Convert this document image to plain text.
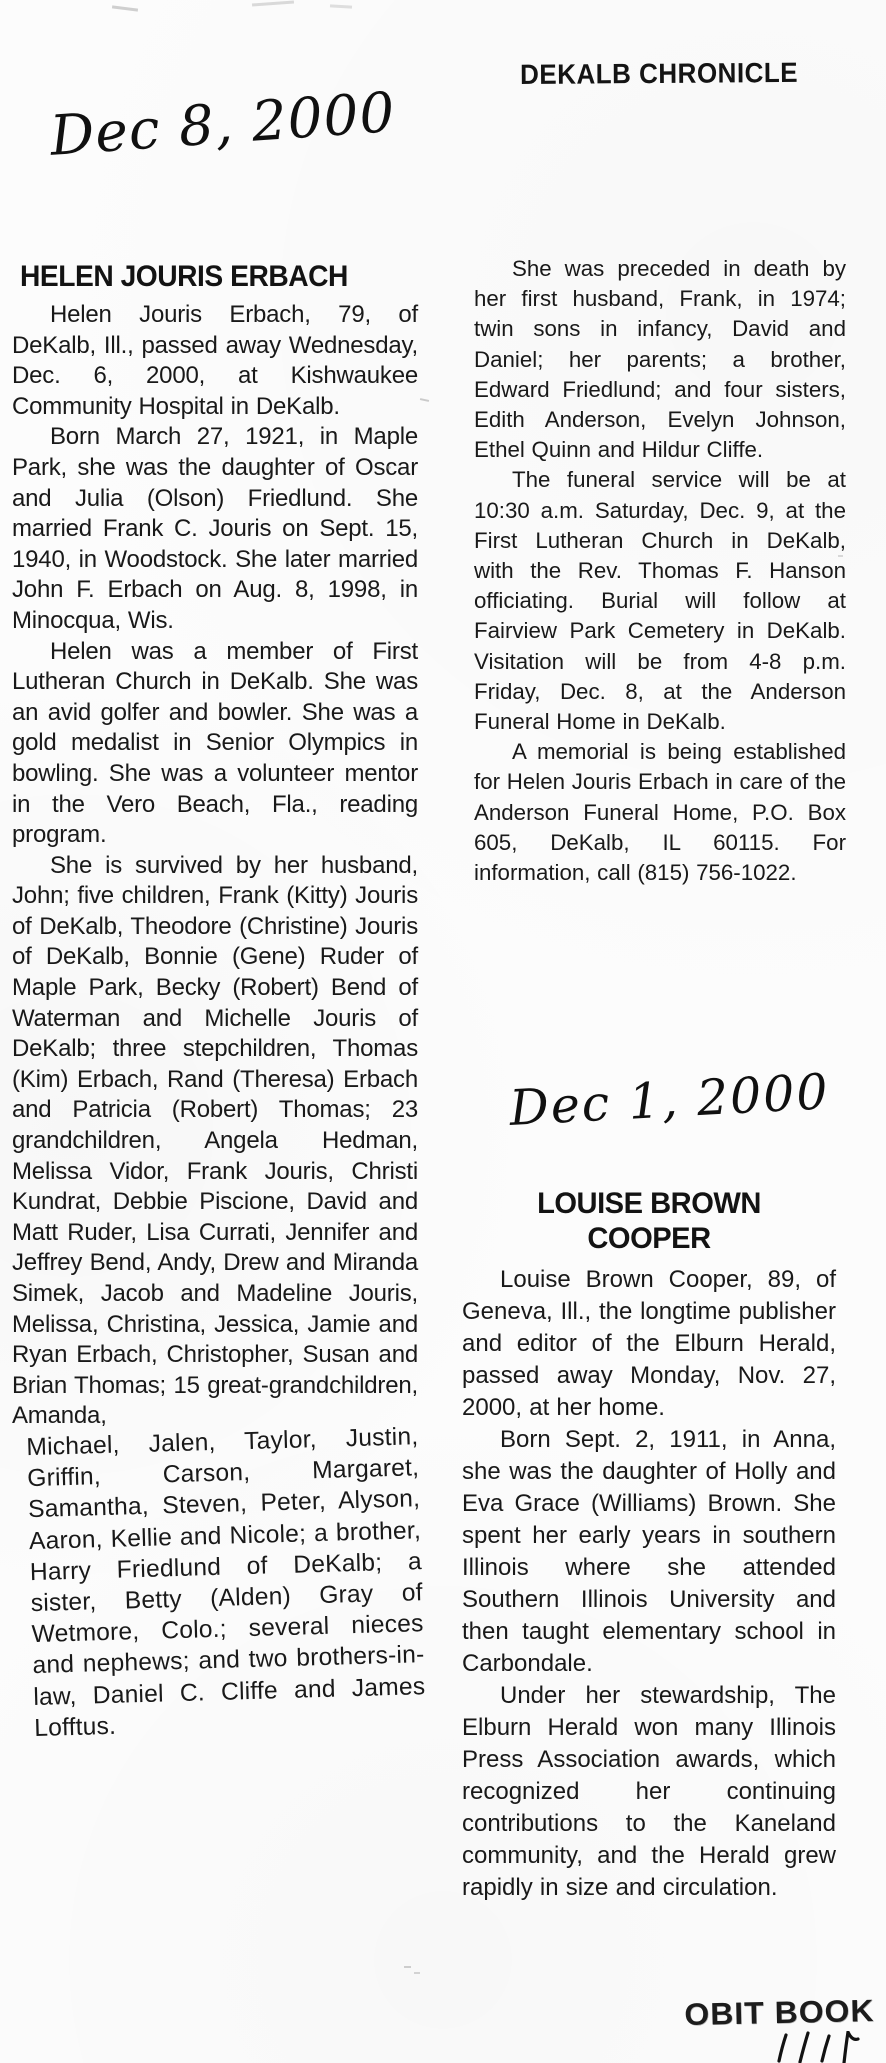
DEKALB CHRONICLE
Dec 8, 2000
HELEN JOURIS ERBACH

Helen Jouris Erbach, 79, of DeKalb, Ill., passed away Wednesday, Dec. 6, 2000, at Kishwaukee Community Hospital in DeKalb.

Born March 27, 1921, in Maple Park, she was the daughter of Oscar and Julia (Olson) Friedlund. She married Frank C. Jouris on Sept. 15, 1940, in Woodstock. She later married John F. Erbach on Aug. 8, 1998, in Minocqua, Wis.

Helen was a member of First Lutheran Church in DeKalb. She was an avid golfer and bowler. She was a gold medalist in Senior Olympics in bowling. She was a volunteer mentor in the Vero Beach, Fla., reading program.

She is survived by her husband, John; five children, Frank (Kitty) Jouris of DeKalb, Theodore (Christine) Jouris of DeKalb, Bonnie (Gene) Ruder of Maple Park, Becky (Robert) Bend of Waterman and Michelle Jouris of DeKalb; three stepchildren, Thomas (Kim) Erbach, Rand (Theresa) Erbach and Patricia (Robert) Thomas; 23 grandchildren, Angela Hedman, Melissa Vidor, Frank Jouris, Christi Kundrat, Debbie Piscione, David and Matt Ruder, Lisa Currati, Jennifer and Jeffrey Bend, Andy, Drew and Miranda Simek, Jacob and Madeline Jouris, Melissa, Christina, Jessica, Jamie and Ryan Erbach, Christopher, Susan and Brian Thomas; 15 great-grandchildren, Amanda,

Michael, Jalen, Taylor, Justin, Griffin, Carson, Margaret, Samantha, Steven, Peter, Alyson, Aaron, Kellie and Nicole; a brother, Harry Friedlund of DeKalb; a sister, Betty (Alden) Gray of Wetmore, Colo.; several nieces and nephews; and two brothers-in-law, Daniel C. Cliffe and James Lofftus.

She was preceded in death by her first husband, Frank, in 1974; twin sons in infancy, David and Daniel; her parents; a brother, Edward Friedlund; and four sisters, Edith Anderson, Evelyn Johnson, Ethel Quinn and Hildur Cliffe.

The funeral service will be at 10:30 a.m. Saturday, Dec. 9, at the First Lutheran Church in DeKalb, with the Rev. Thomas F. Hanson officiating. Burial will follow at Fairview Park Cemetery in DeKalb. Visitation will be from 4-8 p.m. Friday, Dec. 8, at the Anderson Funeral Home in DeKalb.

A memorial is being established for Helen Jouris Erbach in care of the Anderson Funeral Home, P.O. Box 605, DeKalb, IL 60115. For information, call (815) 756-1022.

Dec 1, 2000
LOUISE BROWN
COOPER

Louise Brown Cooper, 89, of Geneva, Ill., the longtime publisher and editor of the Elburn Herald, passed away Monday, Nov. 27, 2000, at her home.

Born Sept. 2, 1911, in Anna, she was the daughter of Holly and Eva Grace (Williams) Brown. She spent her early years in southern Illinois where she attended Southern Illinois University and then taught elementary school in Carbondale.

Under her stewardship, The Elburn Herald won many Illinois Press Association awards, which recognized her continuing contributions to the Kaneland community, and the Herald grew rapidly in size and circulation.

OBIT BOOK
